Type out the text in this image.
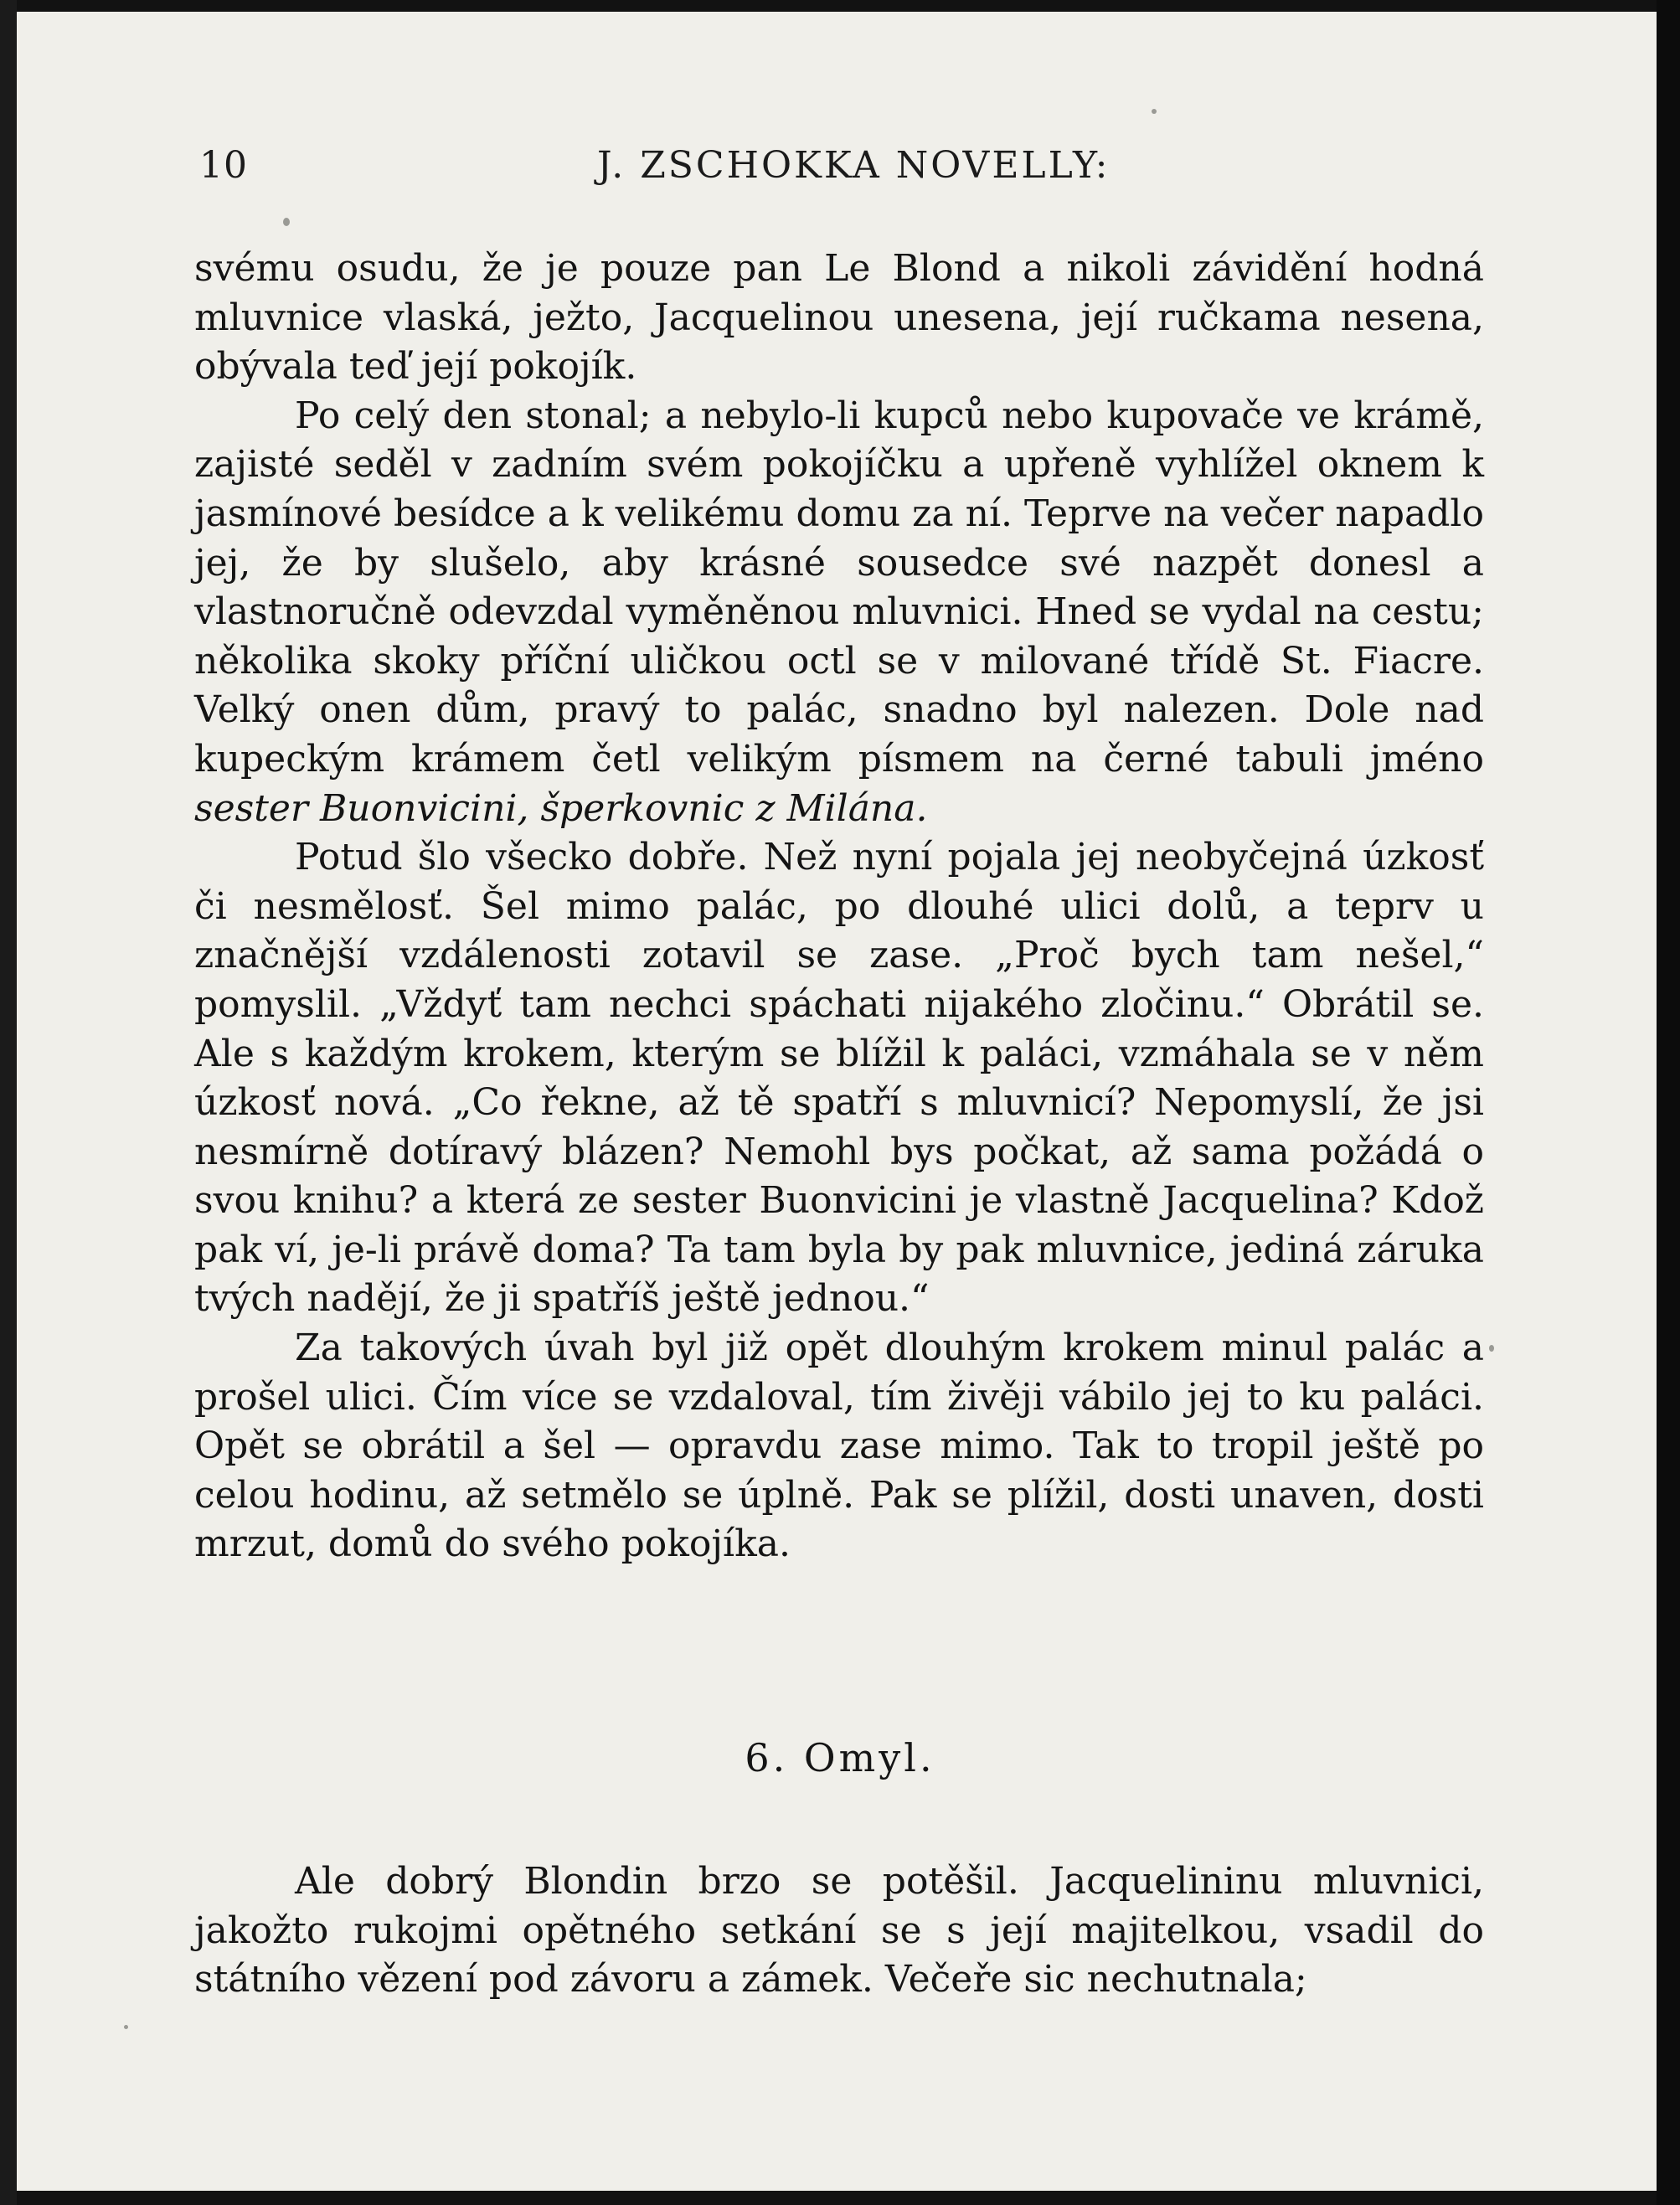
10	J. ZSCHOKKA NOVELLY:

svému osudu, že je pouze pan Le Blond a nikoli závidění hodná mluvnice vlaská, ježto, Jacquelinou unesena, její ručkama nesena, obývala teď její pokojík.

Po celý den stonal; a nebylo-li kupců nebo kupovače ve krámě, zajisté seděl v zadním svém pokojíčku a upřeně vyhlížel oknem k jasmínové besídce a k velikému domu za ní. Teprve na večer napadlo jej, že by slušelo, aby krásné sousedce své nazpět donesl a vlastnoručně odevzdal vyměněnou mluvnici. Hned se vydal na cestu; několika skoky příční uličkou octl se v milované třídě St. Fiacre. Velký onen dům, pravý to palác, snadno byl nalezen. Dole nad kupeckým krámem četl velikým písmem na černé tabuli jméno sester Buonvicini, šperkovnic z Milána.

Potud šlo všecko dobře. Než nyní pojala jej neobyčejná úzkosť či nesmělosť. Šel mimo palác, po dlouhé ulici dolů, a teprv u značnější vzdálenosti zotavil se zase. „Proč bych tam nešel,“ pomyslil. „Vždyť tam nechci spáchati nijakého zločinu.“ Obrátil se. Ale s každým krokem, kterým se blížil k paláci, vzmáhala se v něm úzkosť nová. „Co řekne, až tě spatří s mluvnicí? Nepomyslí, že jsi nesmírně dotíravý blázen? Nemohl bys počkat, až sama požádá o svou knihu? a která ze sester Buonvicini je vlastně Jacquelina? Kdož pak ví, je-li právě doma? Ta tam byla by pak mluvnice, jediná záruka tvých nadějí, že ji spatříš ještě jednou.“

Za takových úvah byl již opět dlouhým krokem minul palác a prošel ulici. Čím více se vzdaloval, tím živěji vábilo jej to ku paláci. Opět se obrátil a šel — opravdu zase mimo. Tak to tropil ještě po celou hodinu, až setmělo se úplně. Pak se plížil, dosti unaven, dosti mrzut, domů do svého pokojíka.

6. Omyl.

Ale dobrý Blondin brzo se potěšil. Jacquelininu mluvnici, jakožto rukojmi opětného setkání se s její majitelkou, vsadil do státního vězení pod závoru a zámek. Večeře sic nechutnala;
